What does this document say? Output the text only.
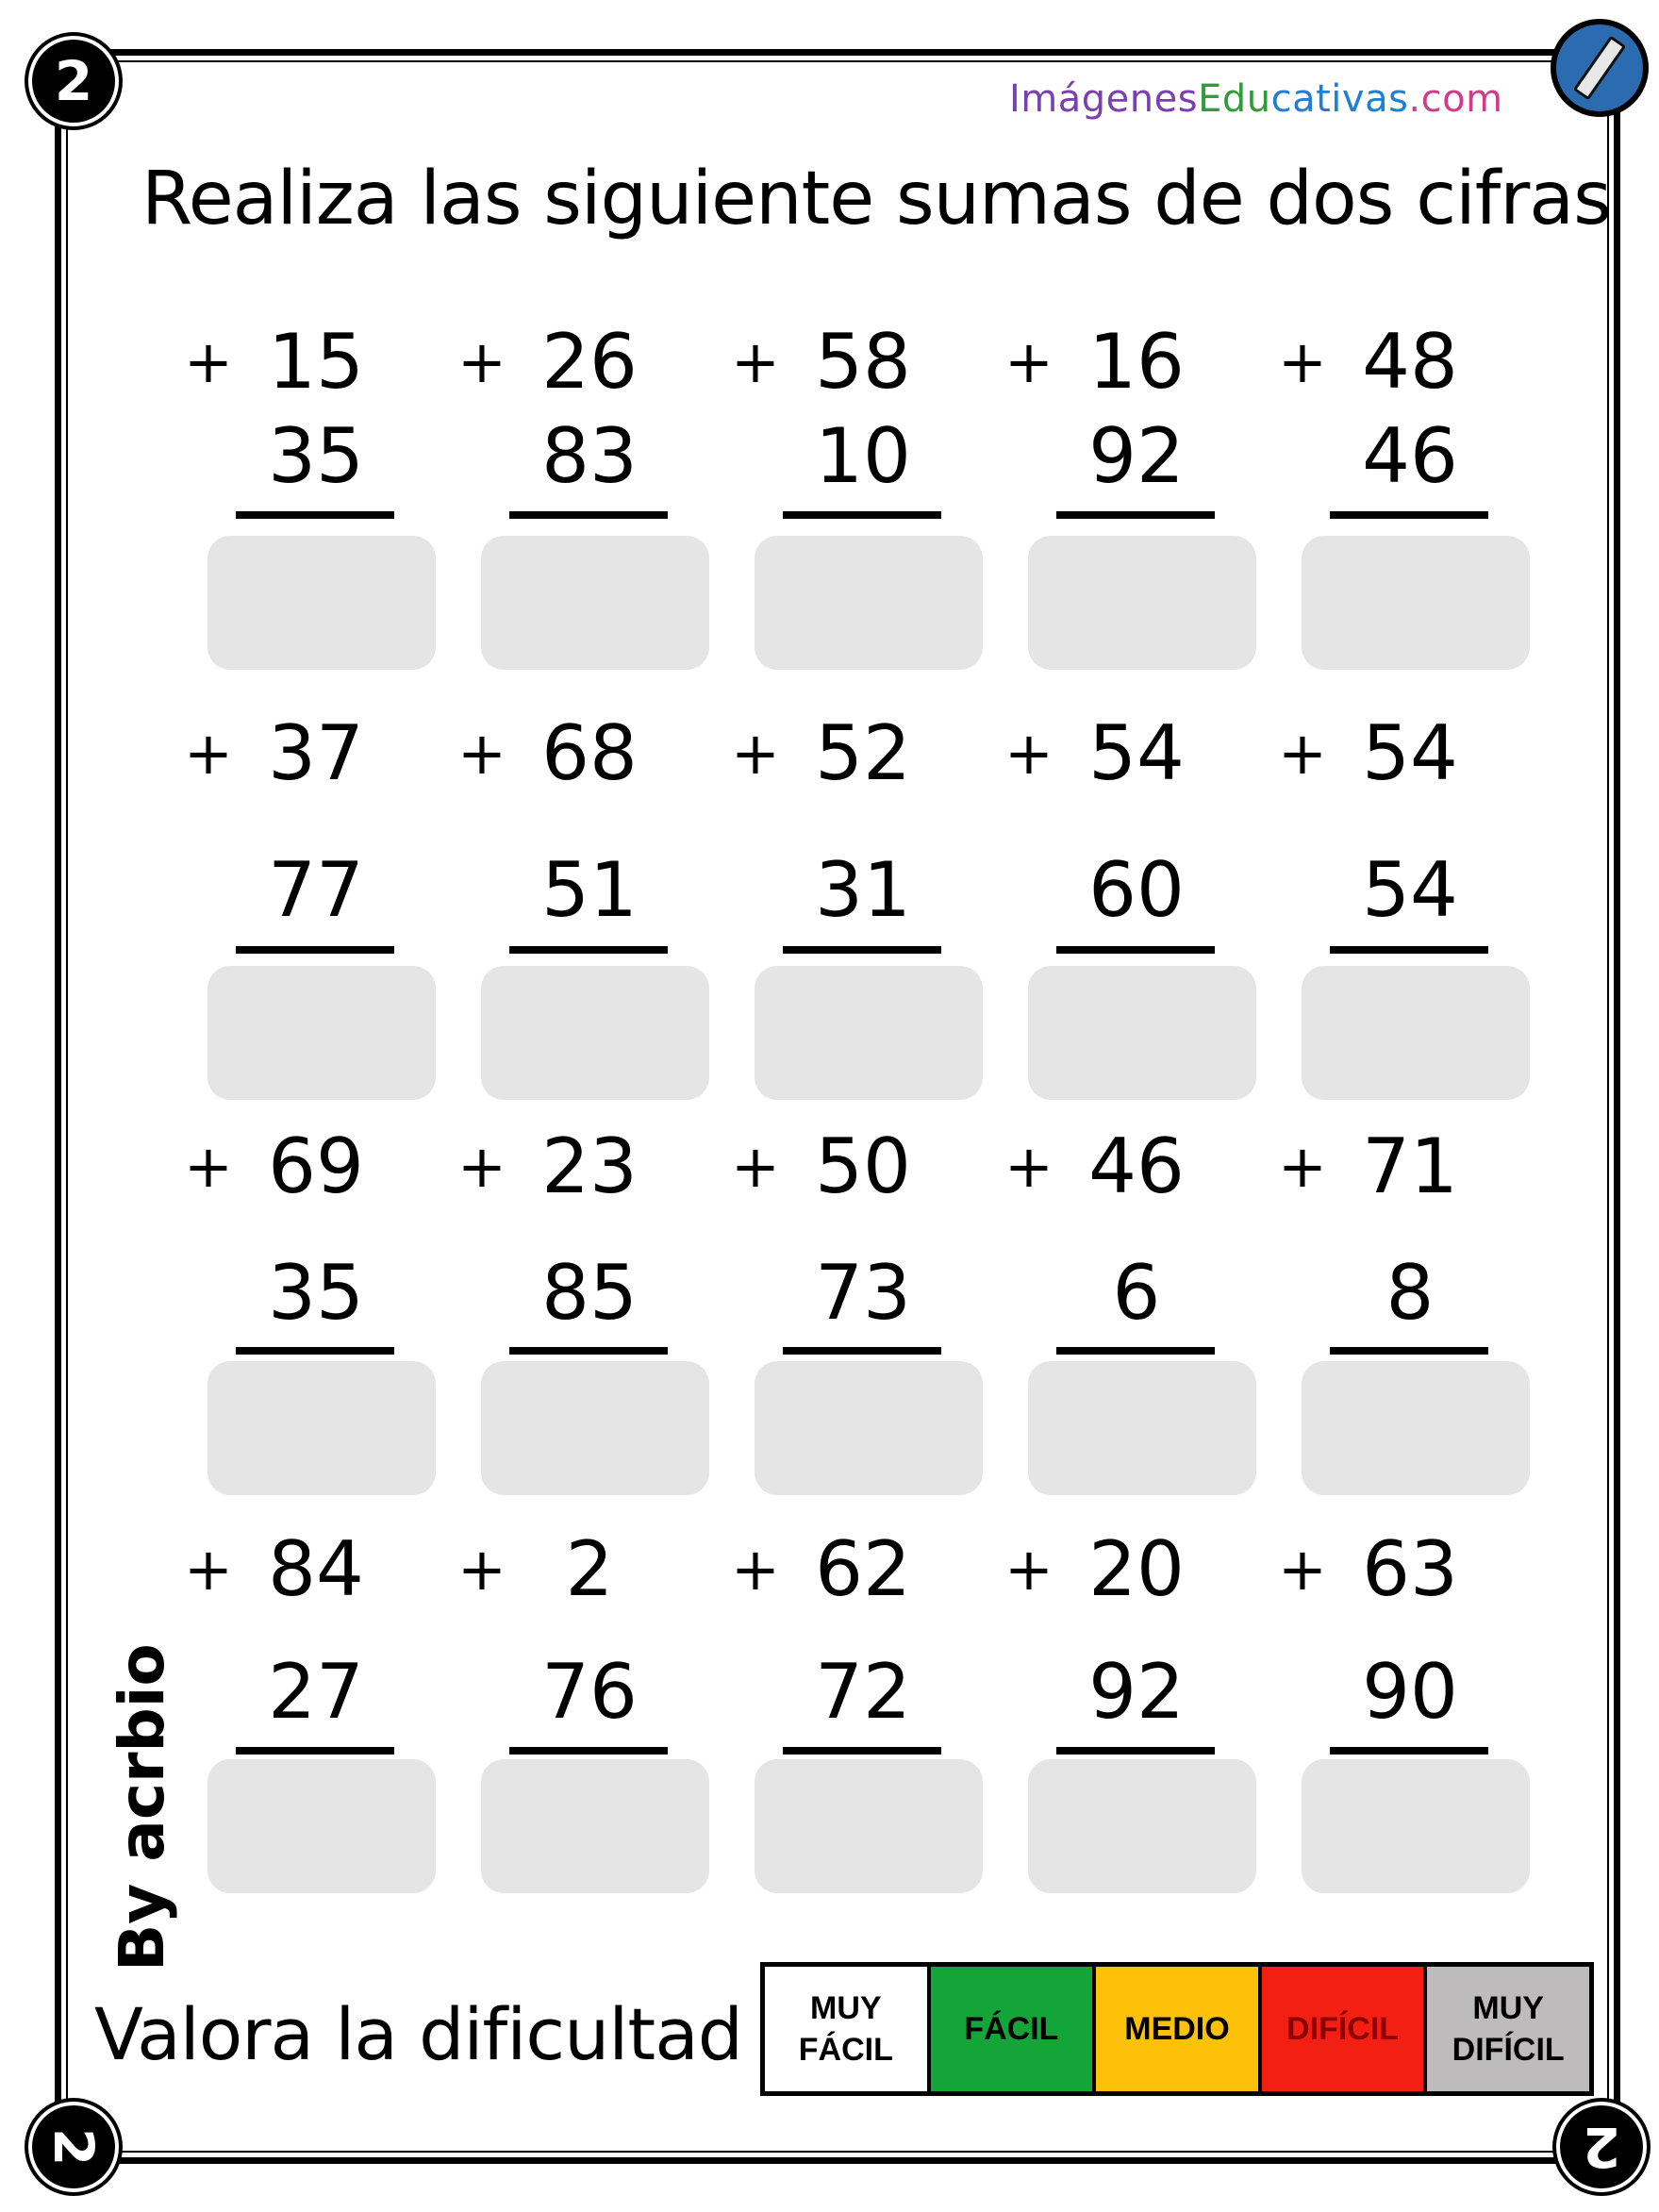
2
2	2
ImágenesEducativas.com
Realiza las siguiente sumas de dos cifras
+ 15
35
+ 26
83
+ 58
10
+ 16
92
+ 48
46
+ 37
77
+ 68
51
+ 52
31
+ 54
60
+ 54
54
+ 69
35
+ 23
85
+ 50
73
+ 46
6
+ 71
8
+ 84
27
+ 2
76
+ 62
72
+ 20
92
+ 63
90
By acrbio
Valora la dificultad	MUY
FÁCIL
FÁCIL	MEDIO	DIFÍCIL
MUY
DIFÍCIL
